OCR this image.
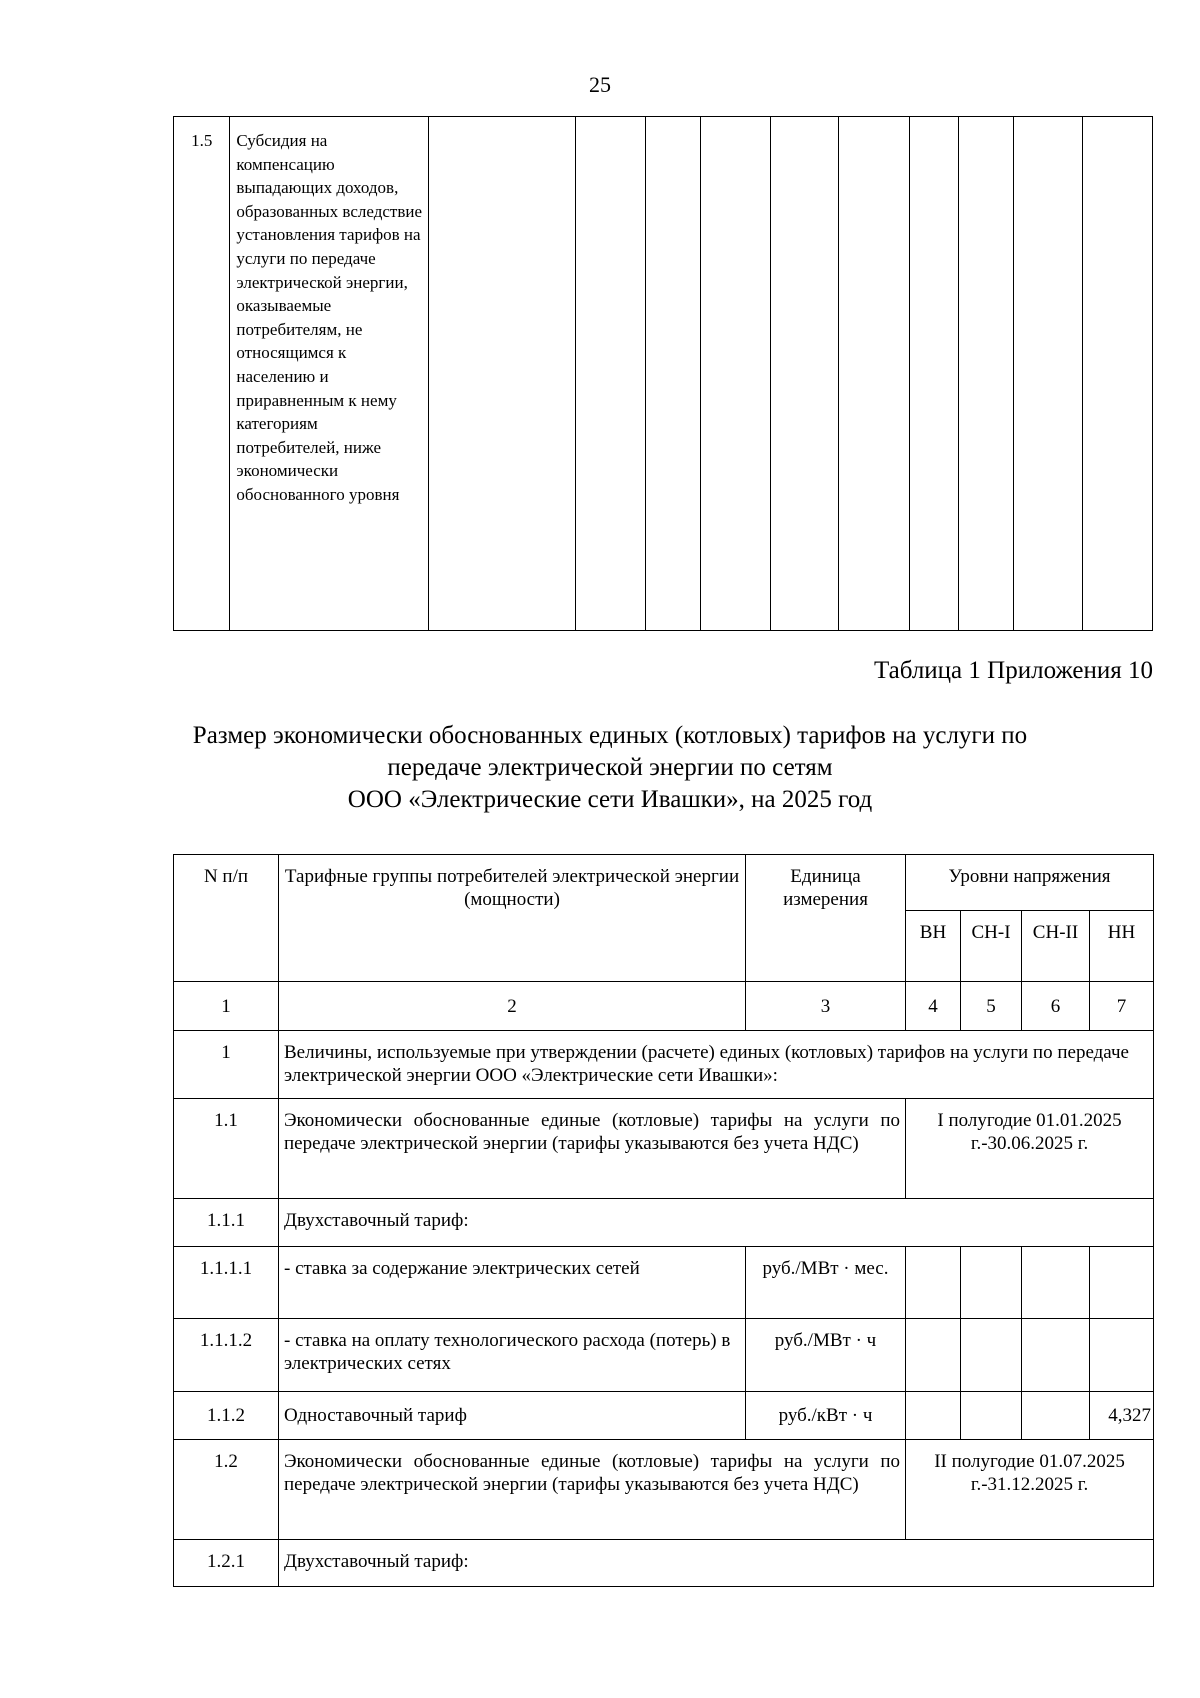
25
1.5	Субсидия на компенсацию выпадающих доходов, образованных вследствие установления тарифов на услуги по передаче электрической энергии, оказываемые потребителям, не относящимся к населению и приравненным к нему категориям потребителей, ниже экономически обоснованного уровня										
Таблица 1 Приложения 10
Размер экономически обоснованных единых (котловых) тарифов на услуги по
передаче электрической энергии по сетям
ООО «Электрические сети Ивашки», на 2025 год
N п/п	Тарифные группы потребителей электрической энергии (мощности)	Единица измерения	Уровни напряжения			
			ВН	СН-I	СН-II	НН
1	2	3	4	5	6	7
1	Величины, используемые при утверждении (расчете) единых (котловых) тарифов на услуги по передаче электрической энергии ООО «Электрические сети Ивашки»:					
1.1	Экономически обоснованные единые (котловые) тарифы на услуги по передаче электрической энергии (тарифы указываются без учета НДС)		I полугодие 01.01.2025 г.-30.06.2025 г.			
1.1.1	Двухставочный тариф:					
1.1.1.1	- ставка за содержание электрических сетей	руб./МВт · мес.				
1.1.1.2	- ставка на оплату технологического расхода (потерь) в электрических сетях	руб./МВт · ч				
1.1.2	Одноставочный тариф	руб./кВт · ч				4,327
1.2	Экономически обоснованные единые (котловые) тарифы на услуги по передаче электрической энергии (тарифы указываются без учета НДС)		II полугодие 01.07.2025 г.-31.12.2025 г.			
1.2.1	Двухставочный тариф:					
